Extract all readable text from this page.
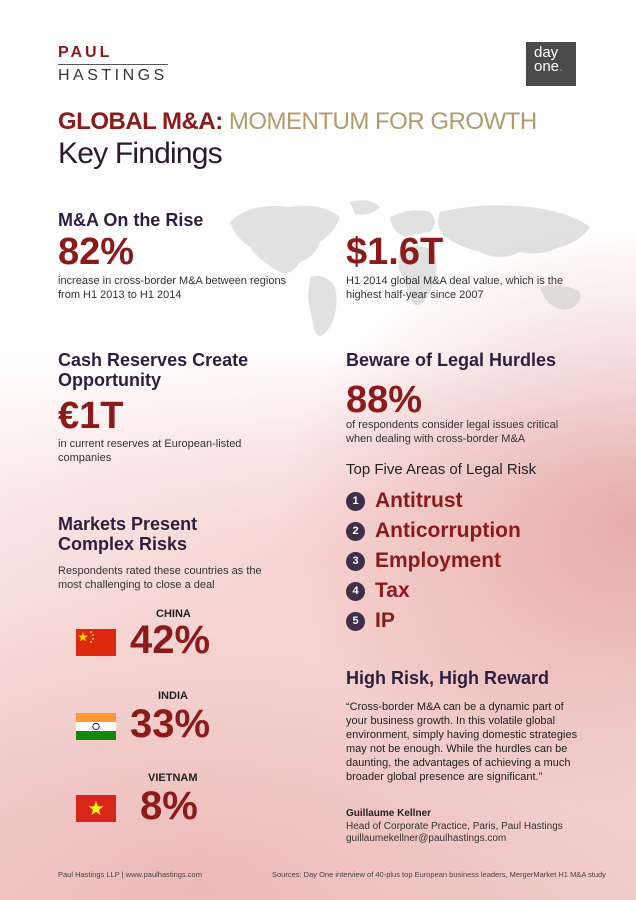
PAUL
HASTINGS
day
one.
GLOBAL M&A: MOMENTUM FOR GROWTH
Key Findings
M&A On the Rise
82%
increase in cross-border M&A between regions from H1 2013 to H1 2014
$1.6T
H1 2014 global M&A deal value, which is the highest half-year since 2007
Cash Reserves Create Opportunity
€1T
in current reserves at European-listed companies
Beware of Legal Hurdles
88%
of respondents consider legal issues critical when dealing with cross-border M&A
Top Five Areas of Legal Risk
1 Antitrust
2 Anticorruption
3 Employment
4 Tax
5 IP
Markets Present Complex Risks
Respondents rated these countries as the most challenging to close a deal
CHINA
42%
INDIA
33%
VIETNAM
8%
High Risk, High Reward
“Cross-border M&A can be a dynamic part of your business growth. In this volatile global environment, simply having domestic strategies may not be enough. While the hurdles can be daunting, the advantages of achieving a much broader global presence are significant.”
Guillaume Kellner
Head of Corporate Practice, Paris, Paul Hastings
guillaumekellner@paulhastings.com
Paul Hastings LLP | www.paulhastings.com	Sources: Day One interview of 40-plus top European business leaders, MergerMarket H1 M&A study
